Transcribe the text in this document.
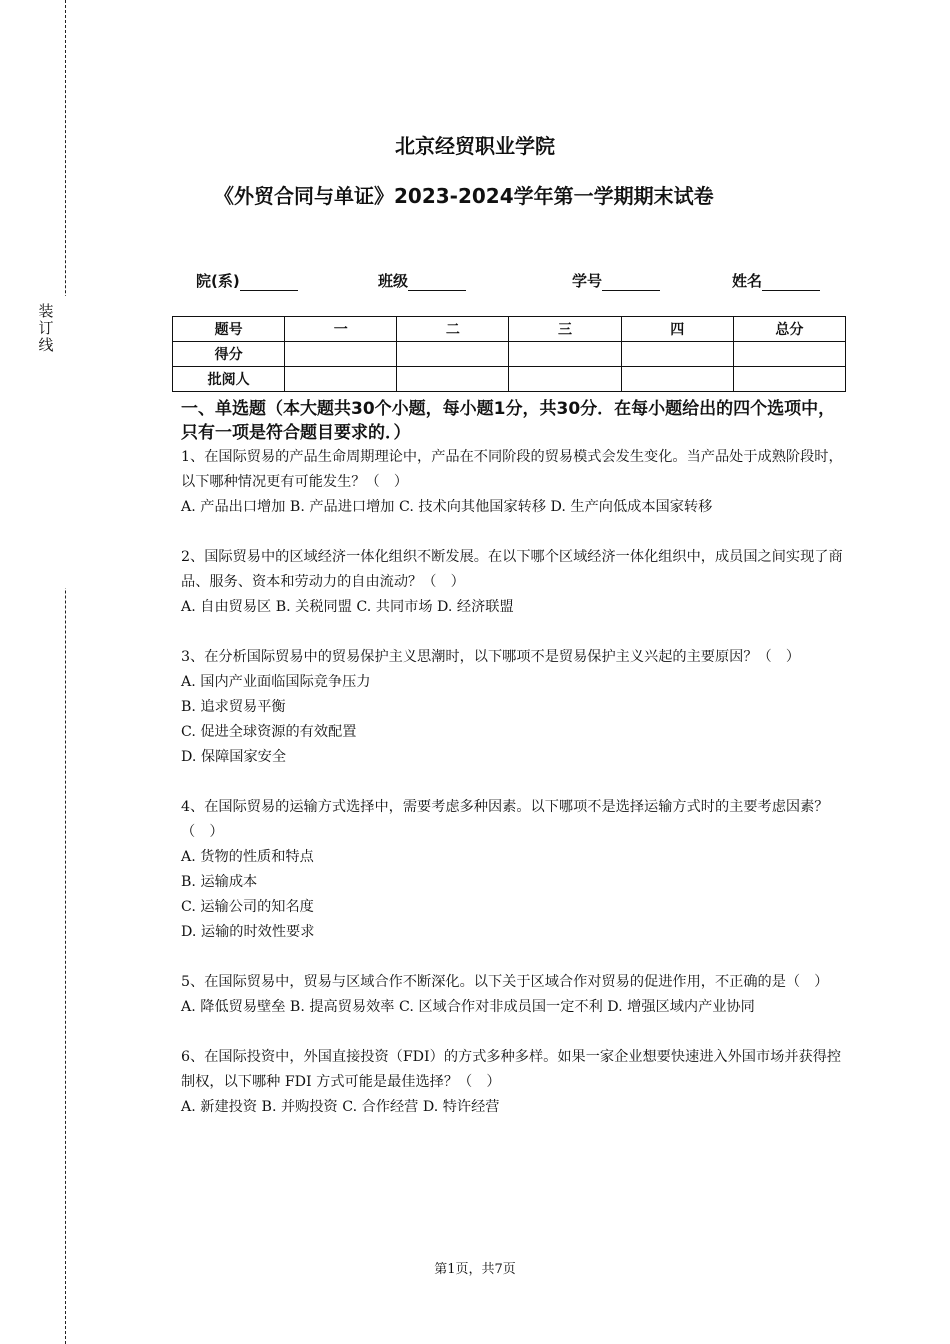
装订线
北京经贸职业学院
《外贸合同与单证》2023-2024学年第一学期期末试卷
院(系)	班级	学号	姓名
题号	一	二	三	四	总分
得分					
批阅人					
一、单选题（本大题共30个小题，每小题1分，共30分．在每小题给出的四个选项中，只有一项是符合题目要求的．）

1、在国际贸易的产品生命周期理论中，产品在不同阶段的贸易模式会发生变化。当产品处于成熟阶段时，以下哪种情况更有可能发生？（　）

A. 产品出口增加 B. 产品进口增加 C. 技术向其他国家转移 D. 生产向低成本国家转移

2、国际贸易中的区域经济一体化组织不断发展。在以下哪个区域经济一体化组织中，成员国之间实现了商品、服务、资本和劳动力的自由流动？（　）

A. 自由贸易区 B. 关税同盟 C. 共同市场 D. 经济联盟

3、在分析国际贸易中的贸易保护主义思潮时，以下哪项不是贸易保护主义兴起的主要原因？（　）

A. 国内产业面临国际竞争压力

B. 追求贸易平衡

C. 促进全球资源的有效配置

D. 保障国家安全

4、在国际贸易的运输方式选择中，需要考虑多种因素。以下哪项不是选择运输方式时的主要考虑因素？（　）

A. 货物的性质和特点

B. 运输成本

C. 运输公司的知名度

D. 运输的时效性要求

5、在国际贸易中，贸易与区域合作不断深化。以下关于区域合作对贸易的促进作用，不正确的是（　）

A. 降低贸易壁垒 B. 提高贸易效率 C. 区域合作对非成员国一定不利 D. 增强区域内产业协同

6、在国际投资中，外国直接投资（FDI）的方式多种多样。如果一家企业想要快速进入外国市场并获得控制权，以下哪种 FDI 方式可能是最佳选择？（　）

A. 新建投资 B. 并购投资 C. 合作经营 D. 特许经营

第1页，共7页
